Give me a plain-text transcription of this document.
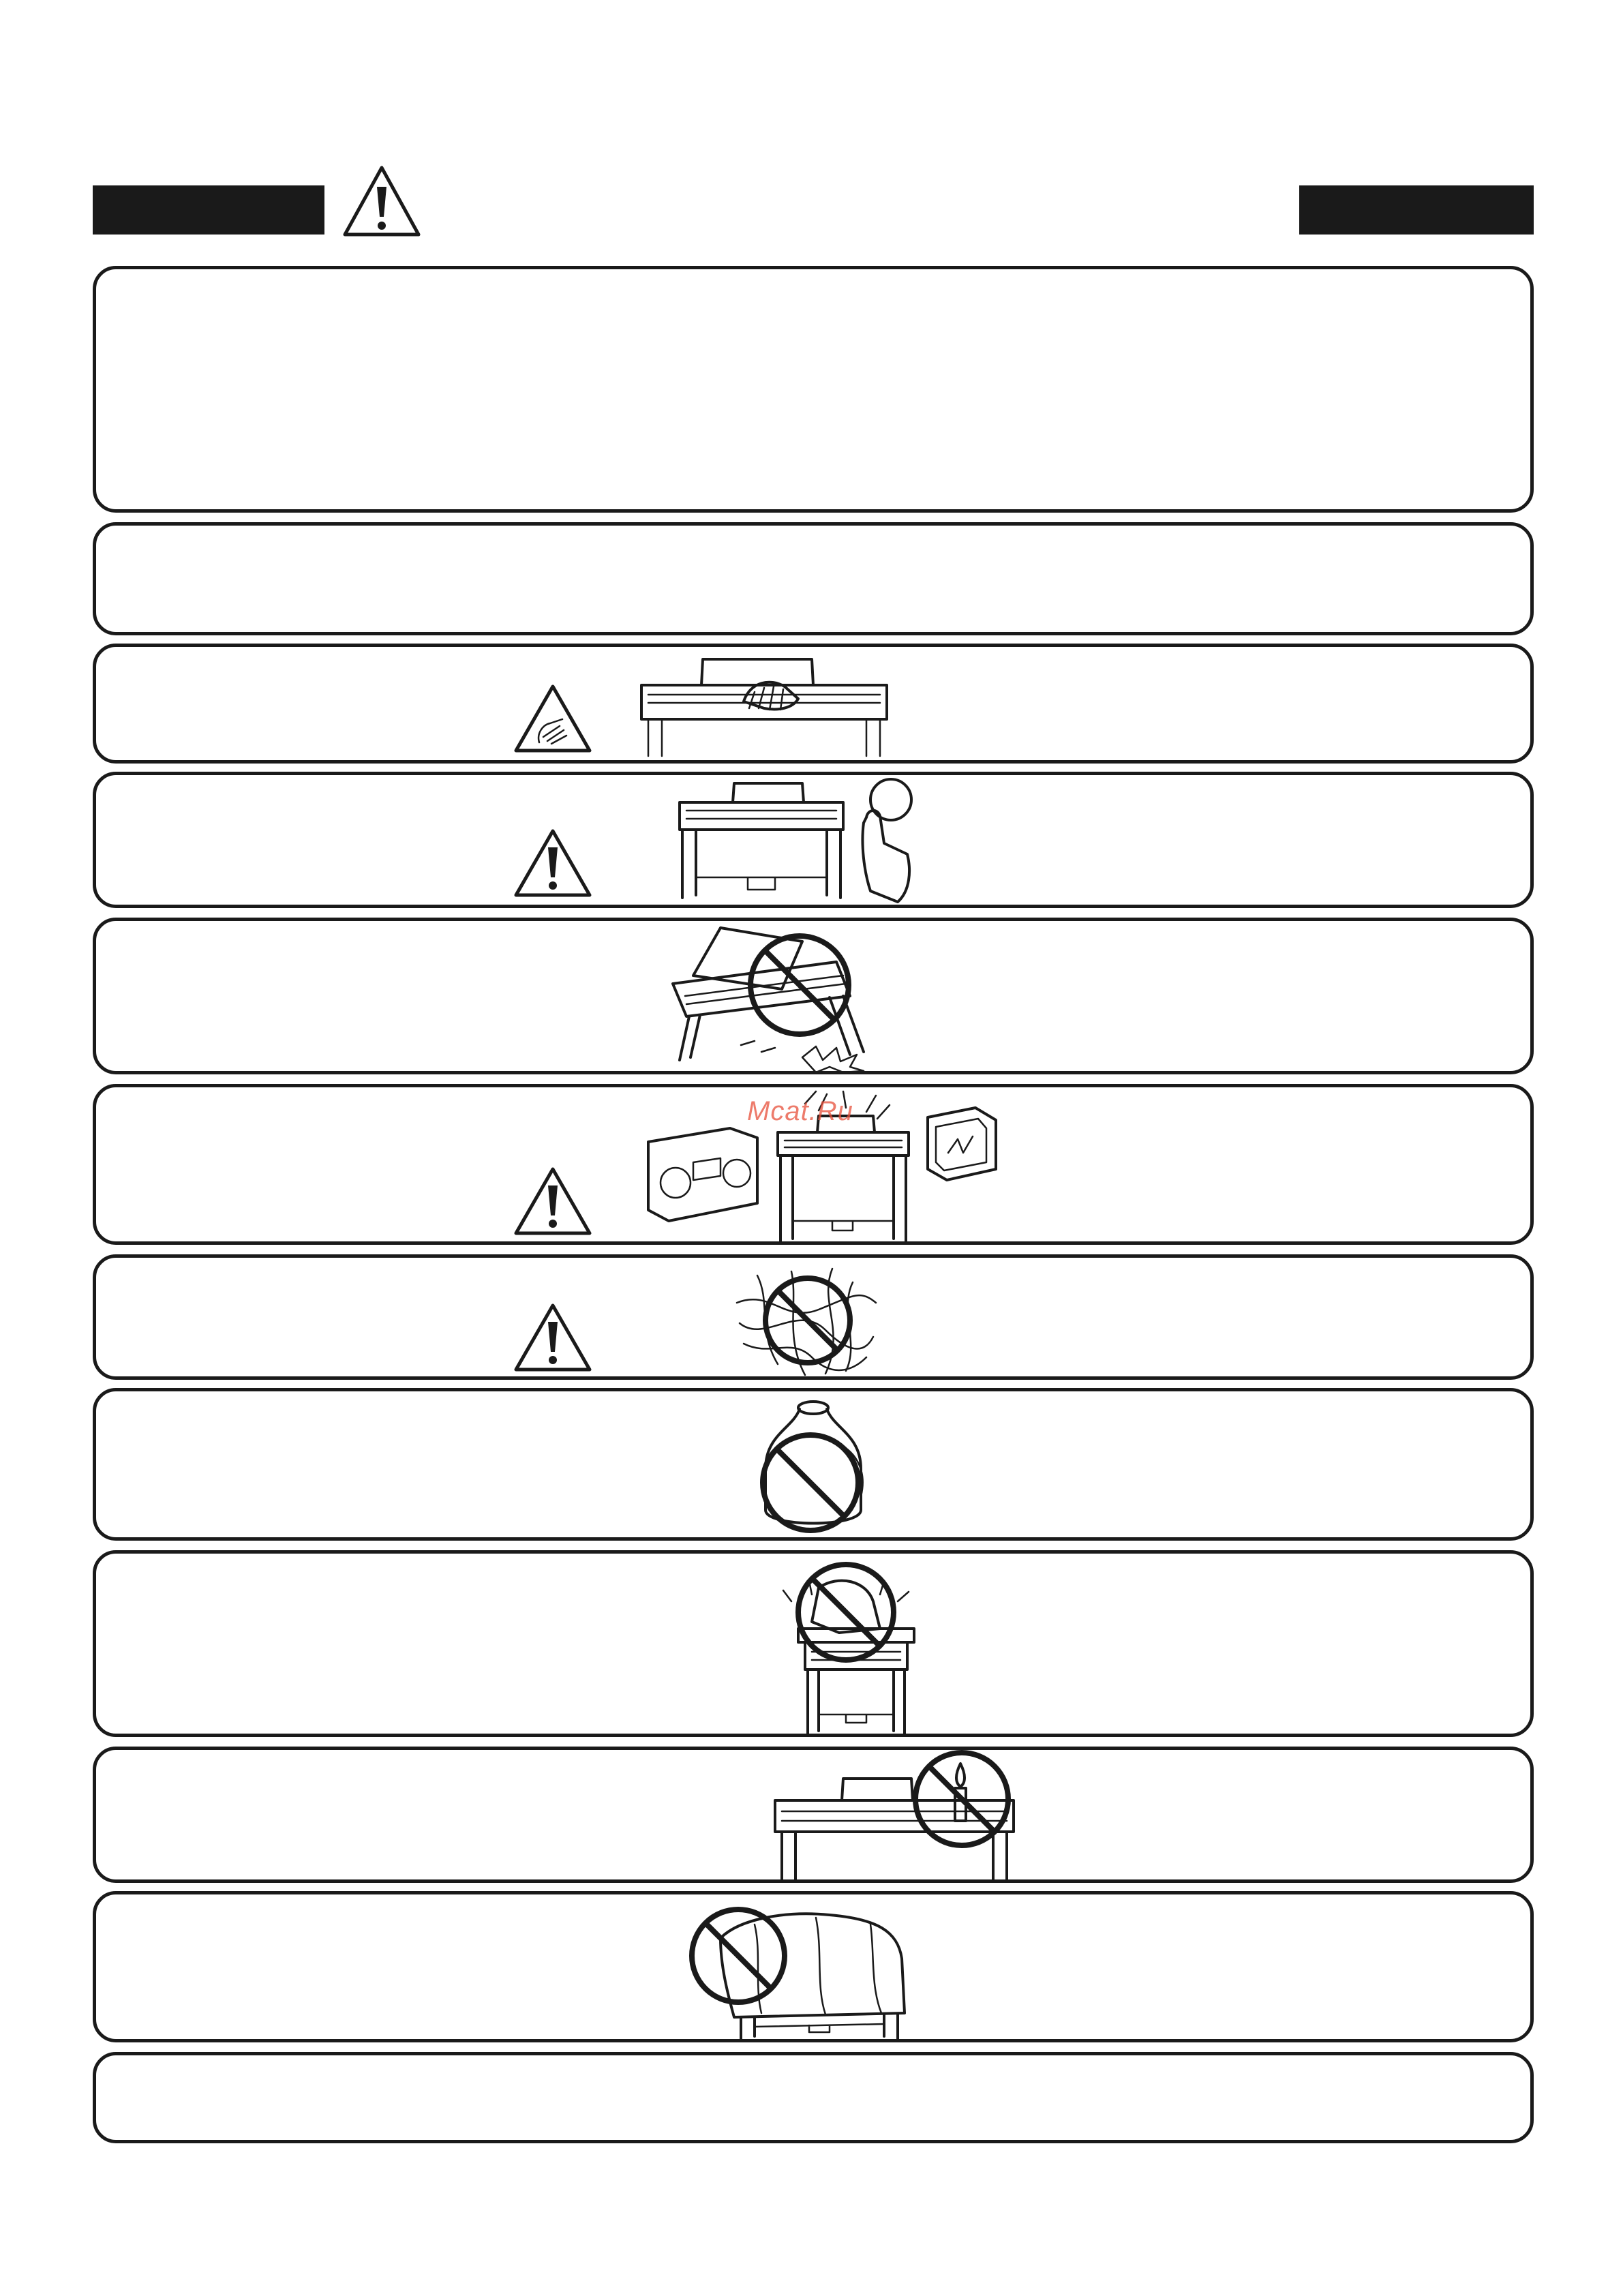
Mcat.Ru
